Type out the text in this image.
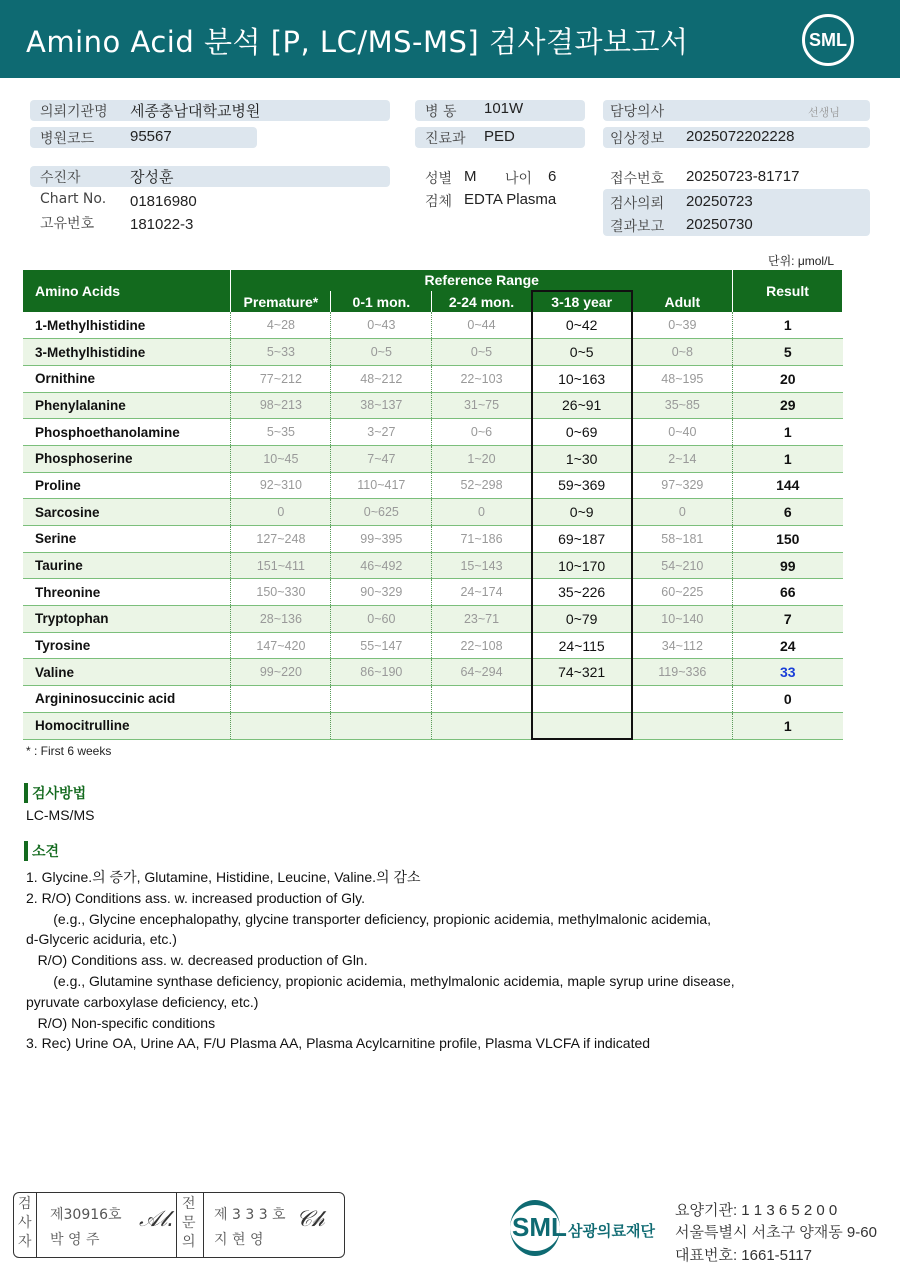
Amino Acid 분석 [P, LC/MS-MS] 검사결과보고서	SML
의뢰기관명 세종충남대학교병원
병원코드 95567
병 동 101W
진료과 PED
담당의사	선생님
임상정보 2025072202228
수진자	장성훈
Chart No. 01816980
고유번호 181022-3
성별 M 나이 6
검체 EDTA Plasma
접수번호 20250723-81717
검사의뢰 20250723
결과보고 20250730
단위: μmol/L
Amino Acids	Reference Range					Result
	Premature*	0-1 mon.	2-24 mon.	3-18 year	Adult	
1-Methylhistidine	4~28	0~43	0~44	0~42	0~39	1
3-Methylhistidine	5~33	0~5	0~5	0~5	0~8	5
Ornithine	77~212	48~212	22~103	10~163	48~195	20
Phenylalanine	98~213	38~137	31~75	26~91	35~85	29
Phosphoethanolamine	5~35	3~27	0~6	0~69	0~40	1
Phosphoserine	10~45	7~47	1~20	1~30	2~14	1
Proline	92~310	110~417	52~298	59~369	97~329	144
Sarcosine	0	0~625	0	0~9	0	6
Serine	127~248	99~395	71~186	69~187	58~181	150
Taurine	151~411	46~492	15~143	10~170	54~210	99
Threonine	150~330	90~329	24~174	35~226	60~225	66
Tryptophan	28~136	0~60	23~71	0~79	10~140	7
Tyrosine	147~420	55~147	22~108	24~115	34~112	24
Valine	99~220	86~190	64~294	74~321	119~336	33
Argininosuccinic acid						0
Homocitrulline						1
* : First 6 weeks
검사방법
LC-MS/MS
소견
1. Glycine.의 증가, Glutamine, Histidine, Leucine, Valine.의 감소
2. R/O) Conditions ass. w. increased production of Gly.
(e.g., Glycine encephalopathy, glycine transporter deficiency, propionic acidemia, methylmalonic acidemia,
d-Glyceric aciduria, etc.)
R/O) Conditions ass. w. decreased production of Gln.
(e.g., Glutamine synthase deficiency, propionic acidemia, methylmalonic acidemia, maple syrup urine disease,
pyruvate carboxylase deficiency, etc.)
R/O) Non-specific conditions
3. Rec) Urine OA, Urine AA, F/U Plasma AA, Plasma Acylcarnitine profile, Plasma VLCFA if indicated
검사자
제30916호
박 영 주
𝒜𝓁.
전문의
제 3 3 3 호
지 현 영
𝒞𝒽	SML 삼광의료재단
요양기관: 1 1 3 6 5 2 0 0
서울특별시 서초구 양재동 9-60
대표번호: 1661-5117
